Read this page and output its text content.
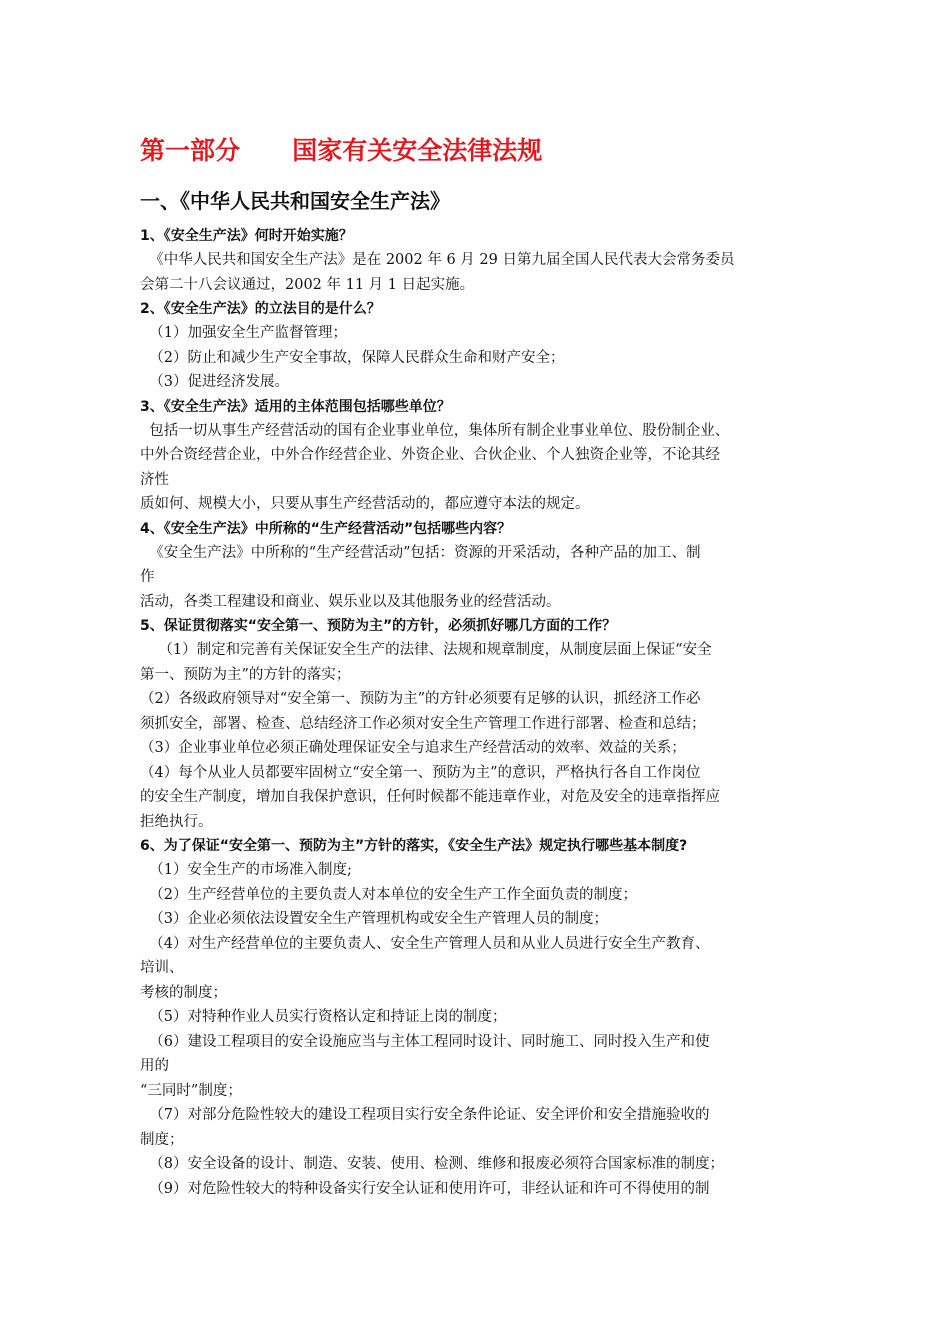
第一部分      国家有关安全法律法规
一、《中华人民共和国安全生产法》
1、《安全生产法》何时开始实施？
《中华人民共和国安全生产法》是在 2002 年 6 月 29 日第九届全国人民代表大会常务委员
会第二十八会议通过，2002 年 11 月 1 日起实施。
2、《安全生产法》的立法目的是什么？
（1）加强安全生产监督管理；
（2）防止和减少生产安全事故，保障人民群众生命和财产安全；
（3）促进经济发展。
3、《安全生产法》适用的主体范围包括哪些单位？
包括一切从事生产经营活动的国有企业事业单位，集体所有制企业事业单位、股份制企业、
中外合资经营企业，中外合作经营企业、外资企业、合伙企业、个人独资企业等，不论其经
济性
质如何、规模大小，只要从事生产经营活动的，都应遵守本法的规定。
4、《安全生产法》中所称的“生产经营活动”包括哪些内容？
《安全生产法》中所称的“生产经营活动”包括：资源的开采活动，各种产品的加工、制
作
活动，各类工程建设和商业、娱乐业以及其他服务业的经营活动。
5、保证贯彻落实“安全第一、预防为主”的方针，必须抓好哪几方面的工作？
（1）制定和完善有关保证安全生产的法律、法规和规章制度，从制度层面上保证“安全
第一、预防为主”的方针的落实；
（2）各级政府领导对“安全第一、预防为主”的方针必须要有足够的认识，抓经济工作必
须抓安全，部署、检查、总结经济工作必须对安全生产管理工作进行部署、检查和总结；
（3）企业事业单位必须正确处理保证安全与追求生产经营活动的效率、效益的关系；
（4）每个从业人员都要牢固树立“安全第一、预防为主”的意识，严格执行各自工作岗位
的安全生产制度，增加自我保护意识，任何时候都不能违章作业，对危及安全的违章指挥应
拒绝执行。
6、为了保证“安全第一、预防为主”方针的落实，《安全生产法》规定执行哪些基本制度?
（1）安全生产的市场准入制度;
（2）生产经营单位的主要负责人对本单位的安全生产工作全面负责的制度；
（3）企业必须依法设置安全生产管理机构或安全生产管理人员的制度；
（4）对生产经营单位的主要负责人、安全生产管理人员和从业人员进行安全生产教育、
培训、
考核的制度；
（5）对特种作业人员实行资格认定和持证上岗的制度；
（6）建设工程项目的安全设施应当与主体工程同时设计、同时施工、同时投入生产和使
用的
“三同时”制度；
（7）对部分危险性较大的建设工程项目实行安全条件论证、安全评价和安全措施验收的
制度；
（8）安全设备的设计、制造、安装、使用、检测、维修和报废必须符合国家标准的制度；
（9）对危险性较大的特种设备实行安全认证和使用许可，非经认证和许可不得使用的制
